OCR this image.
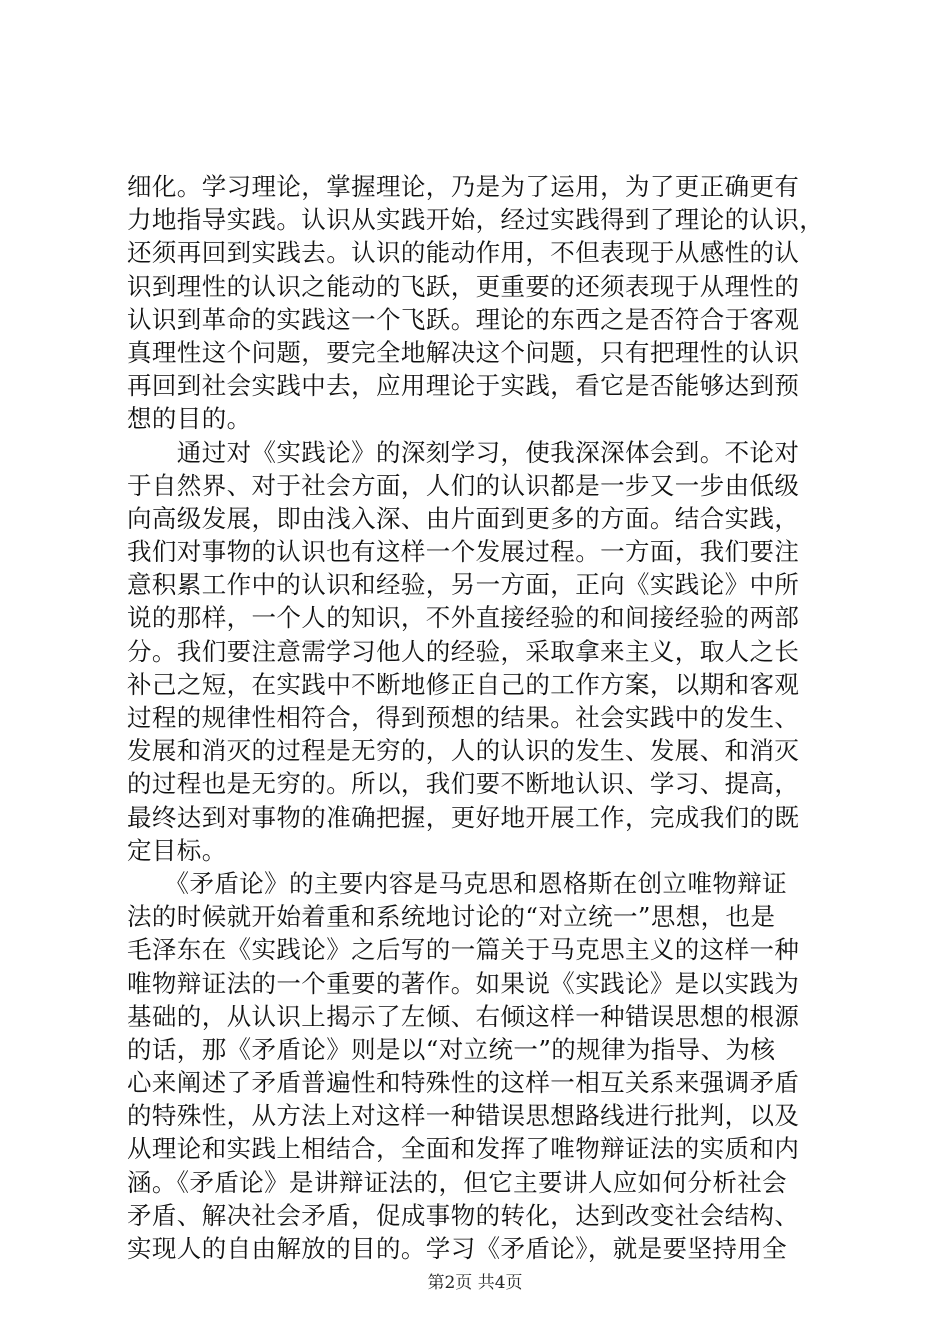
细化。学习理论，掌握理论，乃是为了运用，为了更正确更有
力地指导实践。认识从实践开始，经过实践得到了理论的认识，
还须再回到实践去。认识的能动作用，不但表现于从感性的认
识到理性的认识之能动的飞跃，更重要的还须表现于从理性的
认识到革命的实践这一个飞跃。理论的东西之是否符合于客观
真理性这个问题，要完全地解决这个问题，只有把理性的认识
再回到社会实践中去，应用理论于实践，看它是否能够达到预
想的目的。
　　通过对《实践论》的深刻学习，使我深深体会到。不论对
于自然界、对于社会方面，人们的认识都是一步又一步由低级
向高级发展，即由浅入深、由片面到更多的方面。结合实践，
我们对事物的认识也有这样一个发展过程。一方面，我们要注
意积累工作中的认识和经验，另一方面，正向《实践论》中所
说的那样，一个人的知识，不外直接经验的和间接经验的两部
分。我们要注意需学习他人的经验，采取拿来主义，取人之长
补己之短，在实践中不断地修正自己的工作方案，以期和客观
过程的规律性相符合，得到预想的结果。社会实践中的发生、
发展和消灭的过程是无穷的，人的认识的发生、发展、和消灭
的过程也是无穷的。所以，我们要不断地认识、学习、提高，
最终达到对事物的准确把握，更好地开展工作，完成我们的既
定目标。
　　《矛盾论》的主要内容是马克思和恩格斯在创立唯物辩证
法的时候就开始着重和系统地讨论的“对立统一”思想，也是
毛泽东在《实践论》之后写的一篇关于马克思主义的这样一种
唯物辩证法的一个重要的著作。如果说《实践论》是以实践为
基础的，从认识上揭示了左倾、右倾这样一种错误思想的根源
的话，那《矛盾论》则是以“对立统一”的规律为指导、为核
心来阐述了矛盾普遍性和特殊性的这样一相互关系来强调矛盾
的特殊性，从方法上对这样一种错误思想路线进行批判，以及
从理论和实践上相结合，全面和发挥了唯物辩证法的实质和内
涵。《矛盾论》是讲辩证法的，但它主要讲人应如何分析社会
矛盾、解决社会矛盾，促成事物的转化，达到改变社会结构、
实现人的自由解放的目的。学习《矛盾论》，就是要坚持用全
第2页 共4页
